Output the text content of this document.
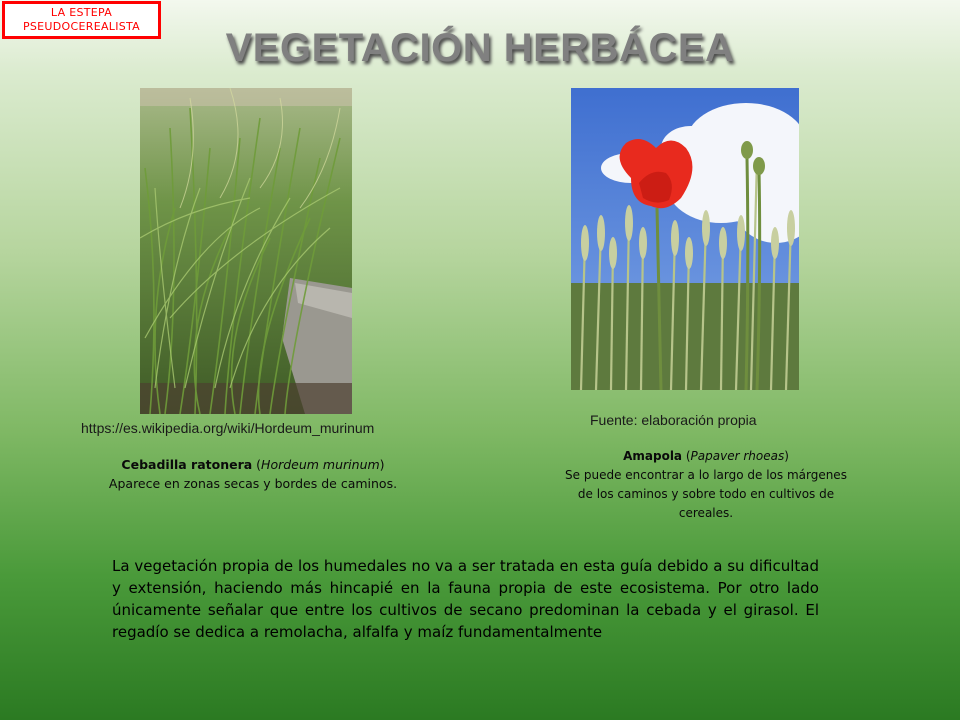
LA ESTEPA
PSEUDOCEREALISTA	VEGETACIÓN HERBÁCEA
https://es.wikipedia.org/wiki/Hordeum_murinum	Fuente: elaboración propia
Cebadilla ratonera (Hordeum murinum)
Aparece en zonas secas y bordes de caminos.
Amapola (Papaver rhoeas)
Se puede encontrar a lo largo de los márgenes de los caminos y sobre todo en cultivos de cereales.
La vegetación propia de los humedales no va a ser tratada en esta guía debido a su dificultad y extensión, haciendo más hincapié en la fauna propia de este ecosistema. Por otro lado únicamente señalar que entre los cultivos de secano predominan la cebada y el girasol. El regadío se dedica a remolacha, alfalfa y maíz fundamentalmente
